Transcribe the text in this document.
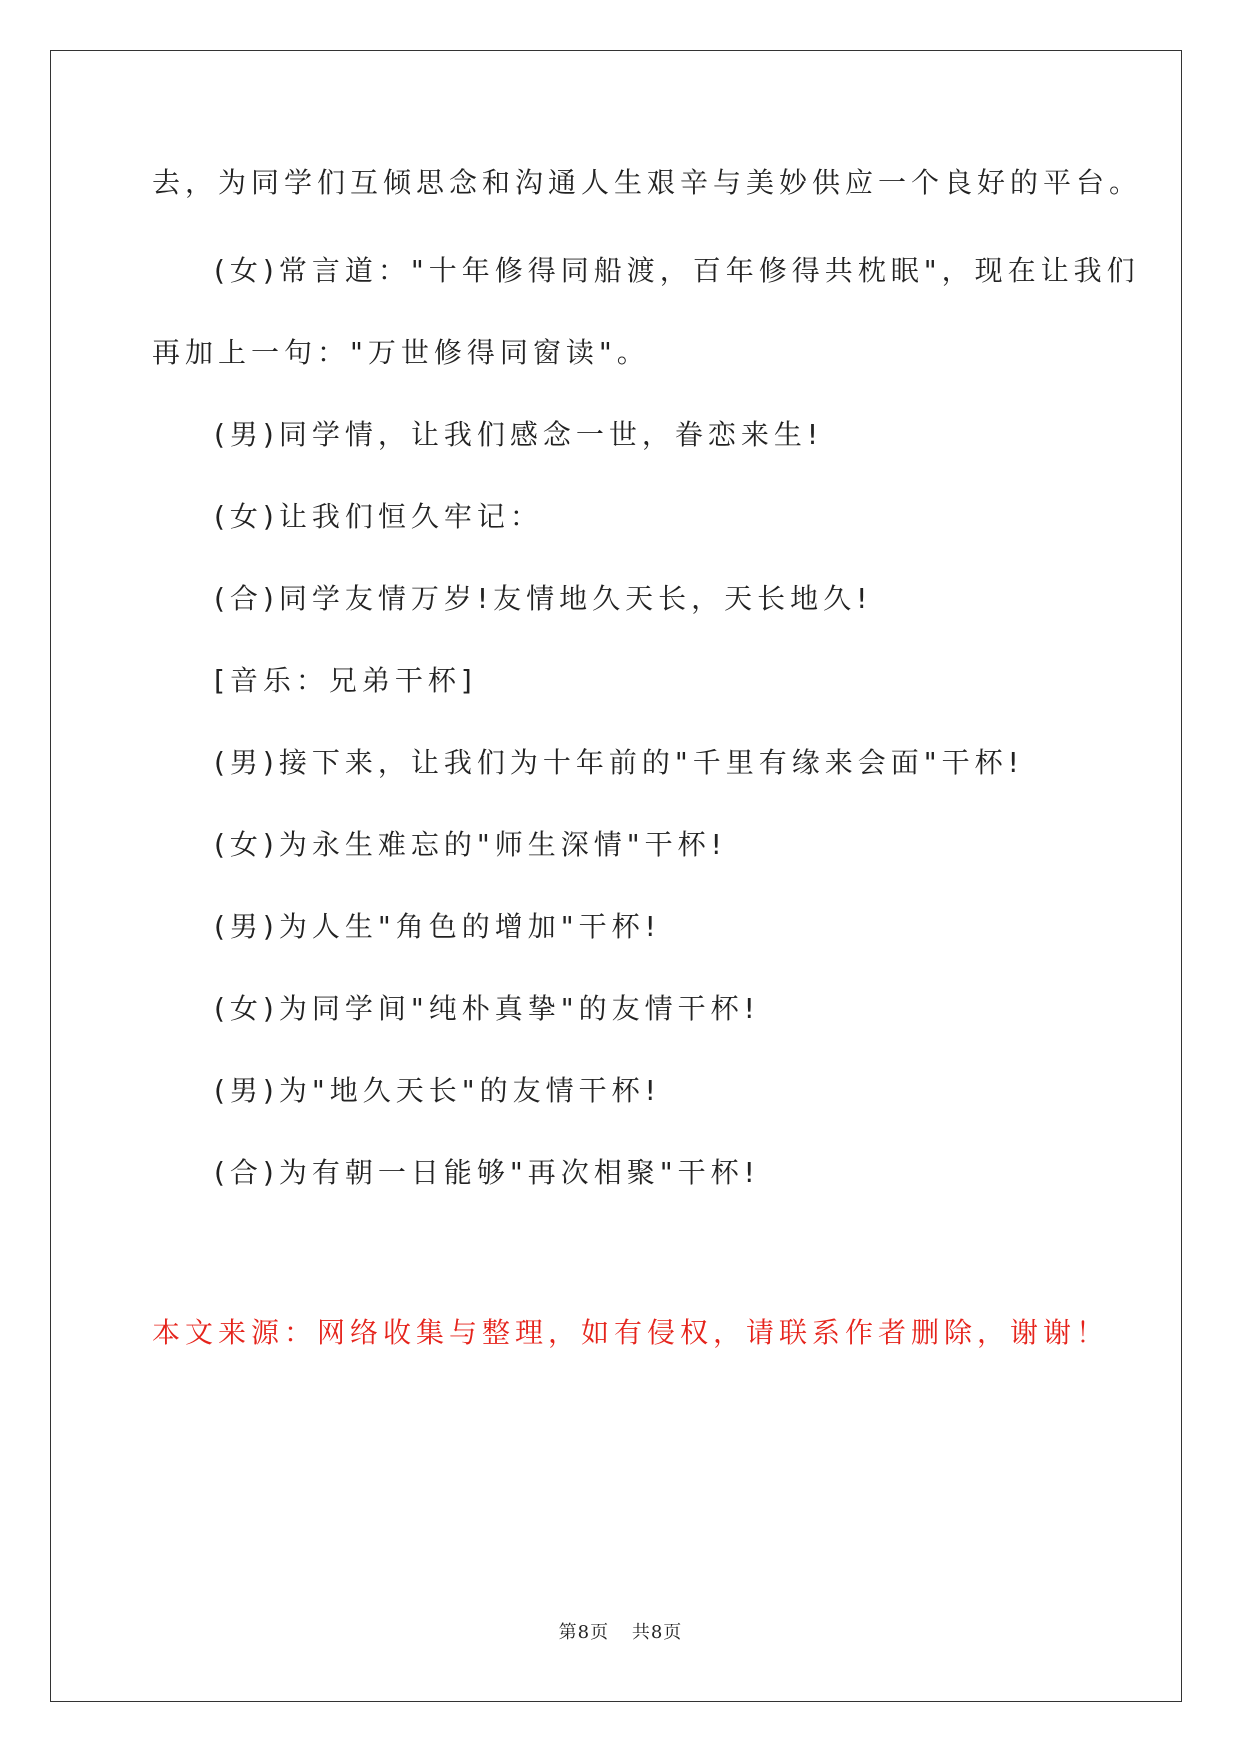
去，为同学们互倾思念和沟通人生艰辛与美妙供应一个良好的平台。

(女)常言道："十年修得同船渡，百年修得共枕眠"，现在让我们

再加上一句："万世修得同窗读"。

(男)同学情，让我们感念一世，眷恋来生!

(女)让我们恒久牢记：

(合)同学友情万岁!友情地久天长，天长地久!

[音乐：兄弟干杯]

(男)接下来，让我们为十年前的"千里有缘来会面"干杯!

(女)为永生难忘的"师生深情"干杯!

(男)为人生"角色的增加"干杯!

(女)为同学间"纯朴真挚"的友情干杯!

(男)为"地久天长"的友情干杯!

(合)为有朝一日能够"再次相聚"干杯!

本文来源：网络收集与整理，如有侵权，请联系作者删除，谢谢！

第8页 共8页
